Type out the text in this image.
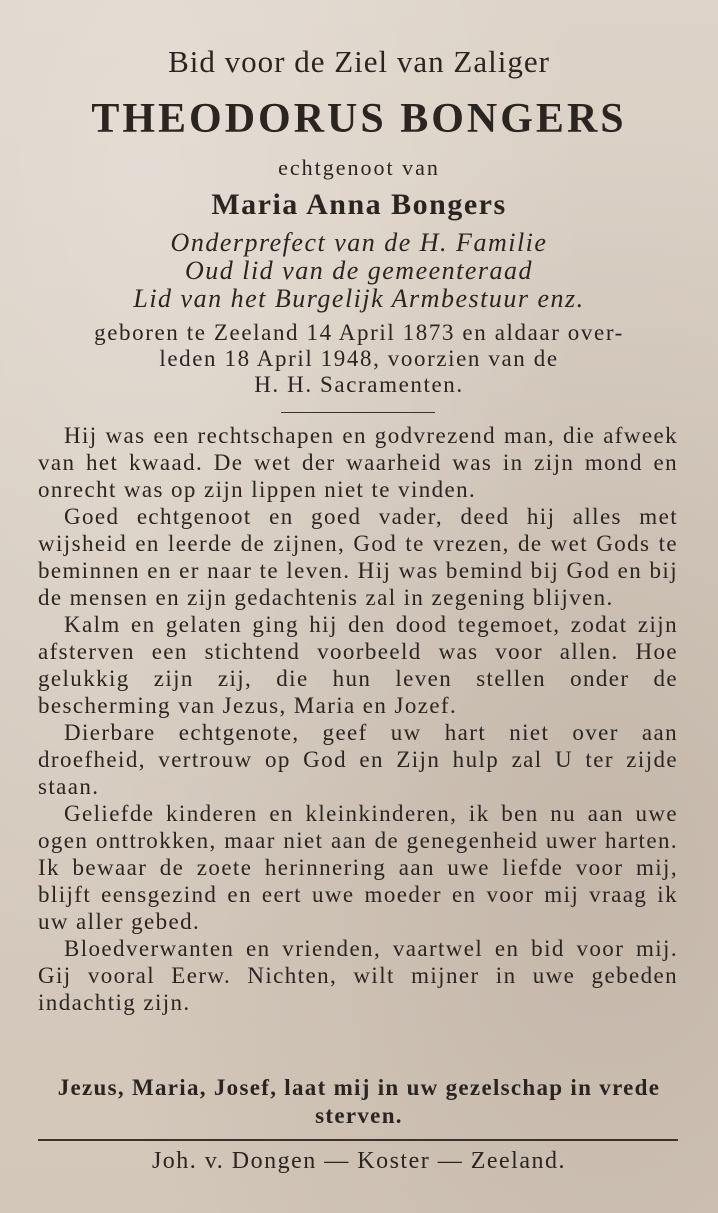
Bid voor de Ziel van Zaliger
THEODORUS BONGERS
echtgenoot van
Maria Anna Bongers
Onderprefect van de H. Familie
Oud lid van de gemeenteraad
Lid van het Burgelijk Armbestuur enz.
geboren te Zeeland 14 April 1873 en aldaar over-
leden 18 April 1948, voorzien van de
H. H. Sacramenten.

Hij was een rechtschapen en godvrezend man, die afweek van het kwaad. De wet der waarheid was in zijn mond en onrecht was op zijn lippen niet te vinden.

Goed echtgenoot en goed vader, deed hij alles met wijsheid en leerde de zijnen, God te vrezen, de wet Gods te beminnen en er naar te leven. Hij was bemind bij God en bij de mensen en zijn gedachtenis zal in zegening blijven.

Kalm en gelaten ging hij den dood tegemoet, zodat zijn afsterven een stichtend voorbeeld was voor allen. Hoe gelukkig zijn zij, die hun leven stellen onder de bescherming van Jezus, Maria en Jozef.

Dierbare echtgenote, geef uw hart niet over aan droefheid, vertrouw op God en Zijn hulp zal U ter zijde staan.

Geliefde kinderen en kleinkinderen, ik ben nu aan uwe ogen onttrokken, maar niet aan de genegenheid uwer harten. Ik bewaar de zoete herinnering aan uwe liefde voor mij, blijft eensgezind en eert uwe moeder en voor mij vraag ik uw aller gebed.

Bloedverwanten en vrienden, vaartwel en bid voor mij. Gij vooral Eerw. Nichten, wilt mijner in uwe gebeden indachtig zijn.

Jezus, Maria, Josef, laat mij in uw gezelschap in vrede sterven.
Joh. v. Dongen — Koster — Zeeland.
